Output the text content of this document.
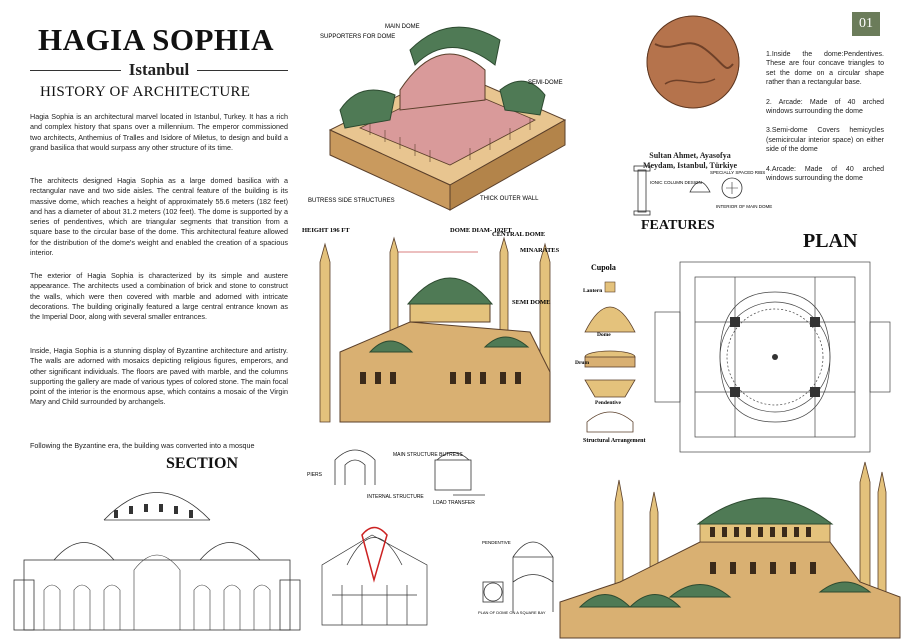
HAGIA SOPHIA
Istanbul
HISTORY OF ARCHITECTURE
Hagia Sophia is an architectural marvel located in Istanbul, Turkey. It has a rich and complex history that spans over a millennium. The emperor commissioned two architects, Anthemius of Tralles and Isidore of Miletus, to design and build a grand basilica that would surpass any other structure of its time.
The architects designed Hagia Sophia as a large domed basilica with a rectangular nave and two side aisles. The central feature of the building is its massive dome, which reaches a height of approximately 55.6 meters (182 feet) and has a diameter of about 31.2 meters (102 feet). The dome is supported by a series of pendentives, which are triangular segments that transition from a square base to the circular base of the dome. This architectural feature allowed for the distribution of the dome's weight and enabled the creation of a spacious interior.
The exterior of Hagia Sophia is characterized by its simple and austere appearance. The architects used a combination of brick and stone to construct the walls, which were then covered with marble and adorned with intricate decorations. The building originally featured a large central entrance known as the Imperial Door, along with several smaller entrances.
Inside, Hagia Sophia is a stunning display of Byzantine architecture and artistry. The walls are adorned with mosaics depicting religious figures, emperors, and other significant individuals. The floors are paved with marble, and the columns supporting the gallery are made of various types of colored stone. The main focal point of the interior is the enormous apse, which contains a mosaic of the Virgin Mary and Child surrounded by archangels.
Following the Byzantine era, the building was converted into a mosque
MAIN DOME
SUPPORTERS FOR DOME
SEMI-DOME
BUTRESS SIDE STRUCTURES	THICK OUTER WALL
HEIGHT 196 FT	DOME DIAM- 102FT
CENTRAL DOME
MINARATES
SEMI DOME
Sultan Ahmet, Ayasofya
Meydam, Istanbul, Türkiye
01

1.Inside the dome:Pendentives. These are four concave triangles to set the dome on a circular shape rather than a rectangular base.

2. Arcade: Made of 40 arched windows surrounding the dome

3.Semi-dome Covers hemicycles (semicircular interior space) on either side of the dome

4.Arcade: Made of 40 arched windows surrounding the dome

IONIC COLUMN DESIGN
SPECIALLY SPACED RIBS
INTERIOR OF MAIN DOME
FEATURES
Cupola
Lantern
Dome
Drum
Pendentive
Structural Arrangement
PLAN
SECTION
PIERS
MAIN STRUCTURE BUTRESS
INTERNAL STRUCTURE
LOAD TRANSFER
PENDENTIVE
PLAN OF DOME ON A SQUARE BAY
